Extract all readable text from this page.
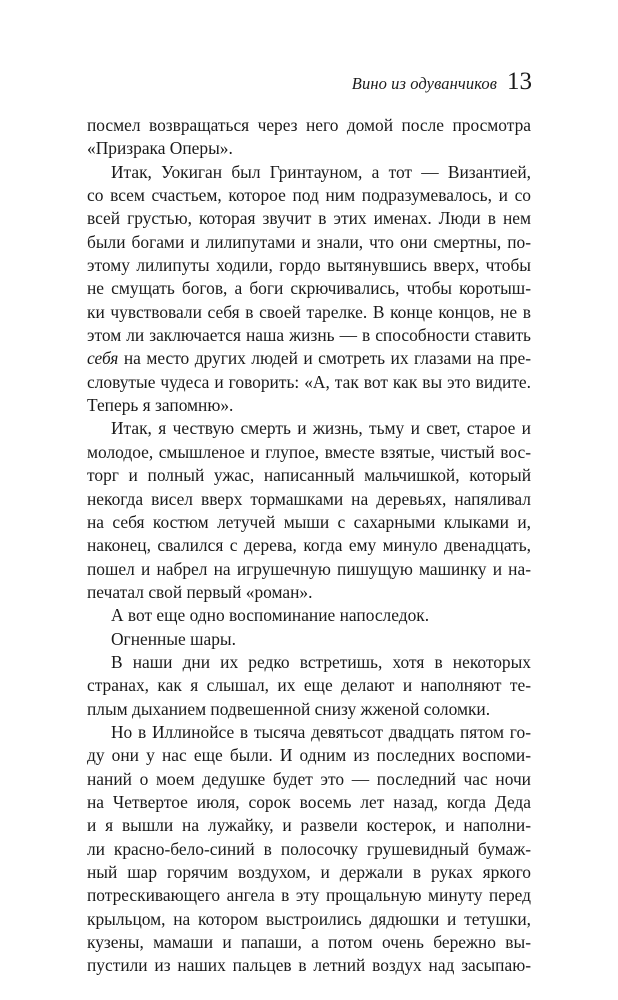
Вино из одуванчиков 13
посмел возвращаться через него домой после просмотра
«Призрака Оперы».
Итак, Уокиган был Гринтауном, а тот — Византией,
со всем счастьем, которое под ним подразумевалось, и со
всей грустью, которая звучит в этих именах. Люди в нем
были богами и лилипутами и знали, что они смертны, по-
этому лилипуты ходили, гордо вытянувшись вверх, чтобы
не смущать богов, а боги скрючивались, чтобы коротыш-
ки чувствовали себя в своей тарелке. В конце концов, не в
этом ли заключается наша жизнь — в способности ставить
себя на место других людей и смотреть их глазами на пре-
словутые чудеса и говорить: «А, так вот как вы это видите.
Теперь я запомню».
Итак, я чествую смерть и жизнь, тьму и свет, старое и
молодое, смышленое и глупое, вместе взятые, чистый вос-
торг и полный ужас, написанный мальчишкой, который
некогда висел вверх тормашками на деревьях, напяливал
на себя костюм летучей мыши с сахарными клыками и,
наконец, свалился с дерева, когда ему минуло двенадцать,
пошел и набрел на игрушечную пишущую машинку и на-
печатал свой первый «роман».
А вот еще одно воспоминание напоследок.
Огненные шары.
В наши дни их редко встретишь, хотя в некоторых
странах, как я слышал, их еще делают и наполняют те-
плым дыханием подвешенной снизу жженой соломки.
Но в Иллинойсе в тысяча девятьсот двадцать пятом го-
ду они у нас еще были. И одним из последних воспоми-
наний о моем дедушке будет это — последний час ночи
на Четвертое июля, сорок восемь лет назад, когда Деда
и я вышли на лужайку, и развели костерок, и наполни-
ли красно-бело-синий в полосочку грушевидный бумаж-
ный шар горячим воздухом, и держали в руках яркого
потрескивающего ангела в эту прощальную минуту перед
крыльцом, на котором выстроились дядюшки и тетушки,
кузены, мамаши и папаши, а потом очень бережно вы-
пустили из наших пальцев в летний воздух над засыпаю-
